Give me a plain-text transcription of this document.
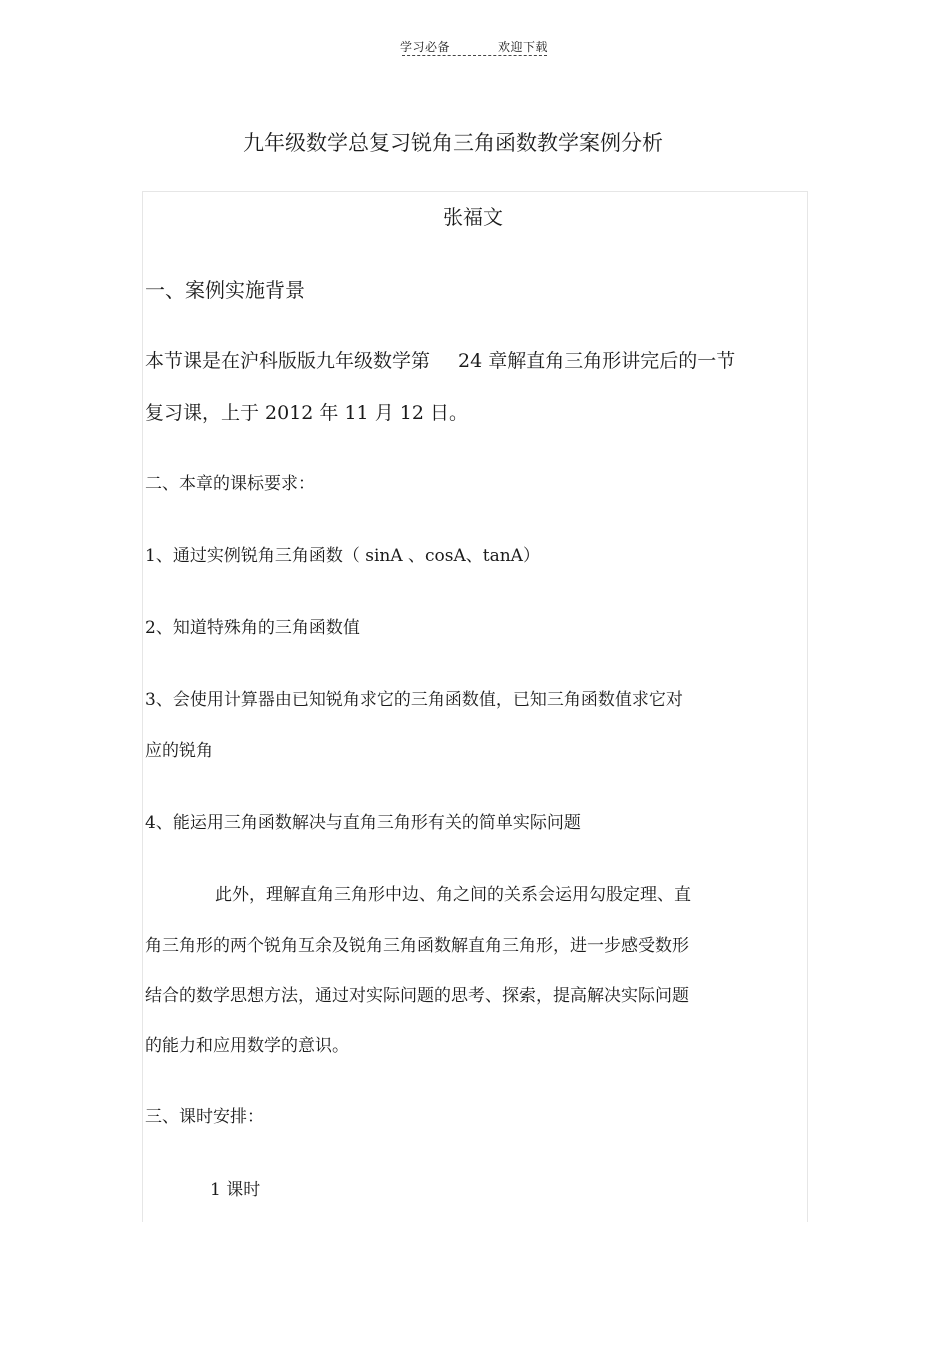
学习必备	欢迎下载
九年级数学总复习锐角三角函数教学案例分析
张福文
一、案例实施背景
本节课是在沪科版版九年级数学第 24 章解直角三角形讲完后的一节
复习课，上于 2012 年 11 月 12 日。
二、本章的课标要求：
1、通过实例锐角三角函数（ sinA 、cosA、tanA）
2、知道特殊角的三角函数值
3、会使用计算器由已知锐角求它的三角函数值，已知三角函数值求它对
应的锐角
4、能运用三角函数解决与直角三角形有关的简单实际问题
此外，理解直角三角形中边、角之间的关系会运用勾股定理、直
角三角形的两个锐角互余及锐角三角函数解直角三角形，进一步感受数形
结合的数学思想方法，通过对实际问题的思考、探索，提高解决实际问题
的能力和应用数学的意识。
三、课时安排：
1 课时
